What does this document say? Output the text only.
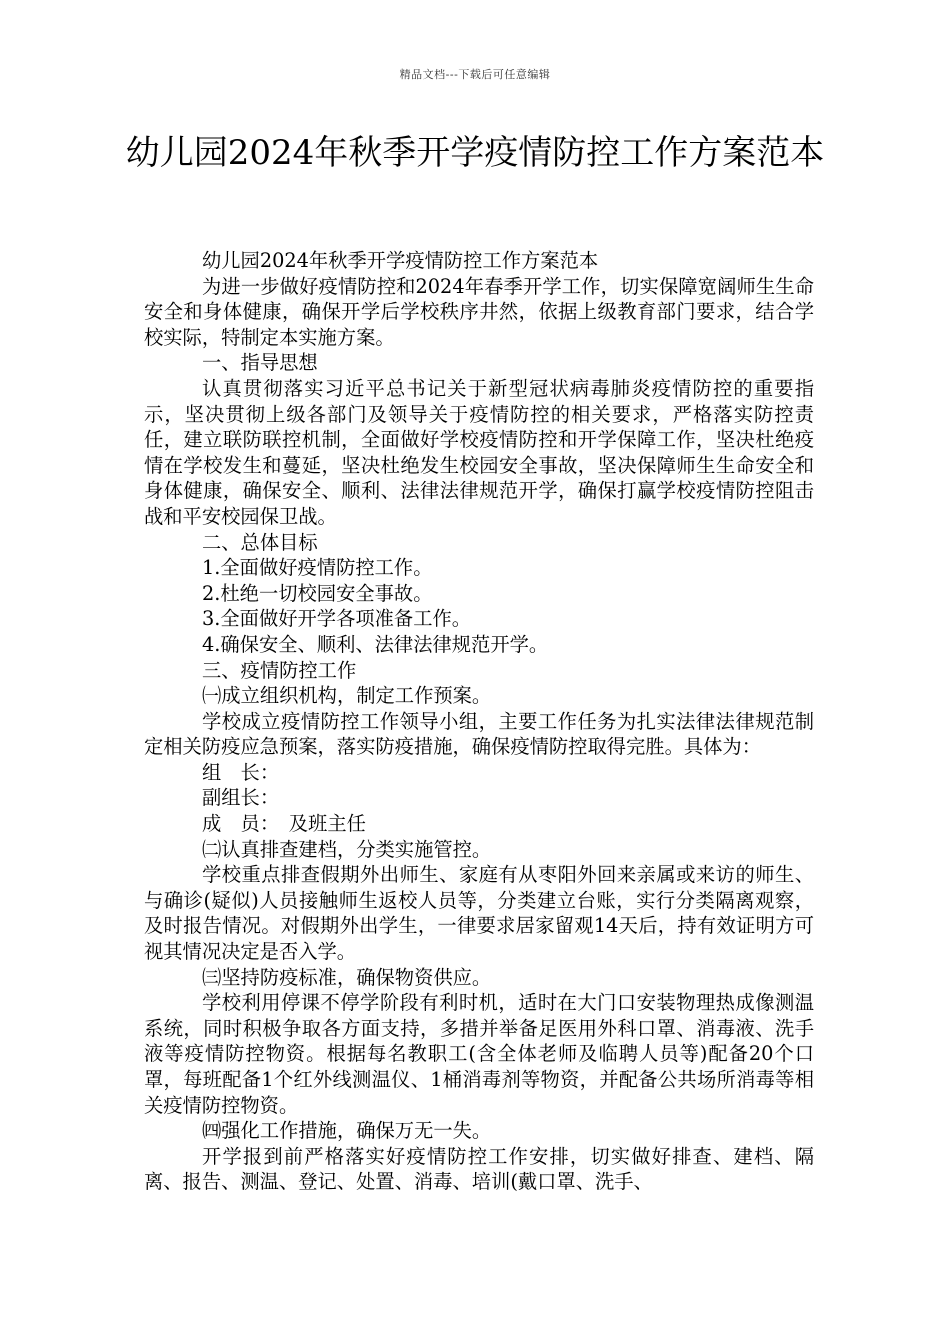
精品文档---下载后可任意编辑
幼儿园2024年秋季开学疫情防控工作方案范本

幼儿园2024年秋季开学疫情防控工作方案范本

为进一步做好疫情防控和2024年春季开学工作，切实保障宽阔师生生命安全和身体健康，确保开学后学校秩序井然，依据上级教育部门要求，结合学校实际，特制定本实施方案。

一、指导思想

认真贯彻落实习近平总书记关于新型冠状病毒肺炎疫情防控的重要指示，坚决贯彻上级各部门及领导关于疫情防控的相关要求，严格落实防控责任，建立联防联控机制，全面做好学校疫情防控和开学保障工作，坚决杜绝疫情在学校发生和蔓延，坚决杜绝发生校园安全事故，坚决保障师生生命安全和身体健康，确保安全、顺利、法律法律规范开学，确保打赢学校疫情防控阻击战和平安校园保卫战。

二、总体目标

1.全面做好疫情防控工作。

2.杜绝一切校园安全事故。

3.全面做好开学各项准备工作。

4.确保安全、顺利、法律法律规范开学。

三、疫情防控工作

㈠成立组织机构，制定工作预案。

学校成立疫情防控工作领导小组，主要工作任务为扎实法律法律规范制定相关防疫应急预案，落实防疫措施，确保疫情防控取得完胜。具体为：

组　长：

副组长：

成　员：　及班主任

㈡认真排查建档，分类实施管控。

学校重点排查假期外出师生、家庭有从枣阳外回来亲属或来访的师生、与确诊(疑似)人员接触师生返校人员等，分类建立台账，实行分类隔离观察，及时报告情况。对假期外出学生，一律要求居家留观14天后，持有效证明方可视其情况决定是否入学。

㈢坚持防疫标准，确保物资供应。

学校利用停课不停学阶段有利时机，适时在大门口安装物理热成像测温系统，同时积极争取各方面支持，多措并举备足医用外科口罩、消毒液、洗手液等疫情防控物资。根据每名教职工(含全体老师及临聘人员等)配备20个口罩，每班配备1个红外线测温仪、1桶消毒剂等物资，并配备公共场所消毒等相关疫情防控物资。

㈣强化工作措施，确保万无一失。

开学报到前严格落实好疫情防控工作安排，切实做好排查、建档、隔离、报告、测温、登记、处置、消毒、培训(戴口罩、洗手、
